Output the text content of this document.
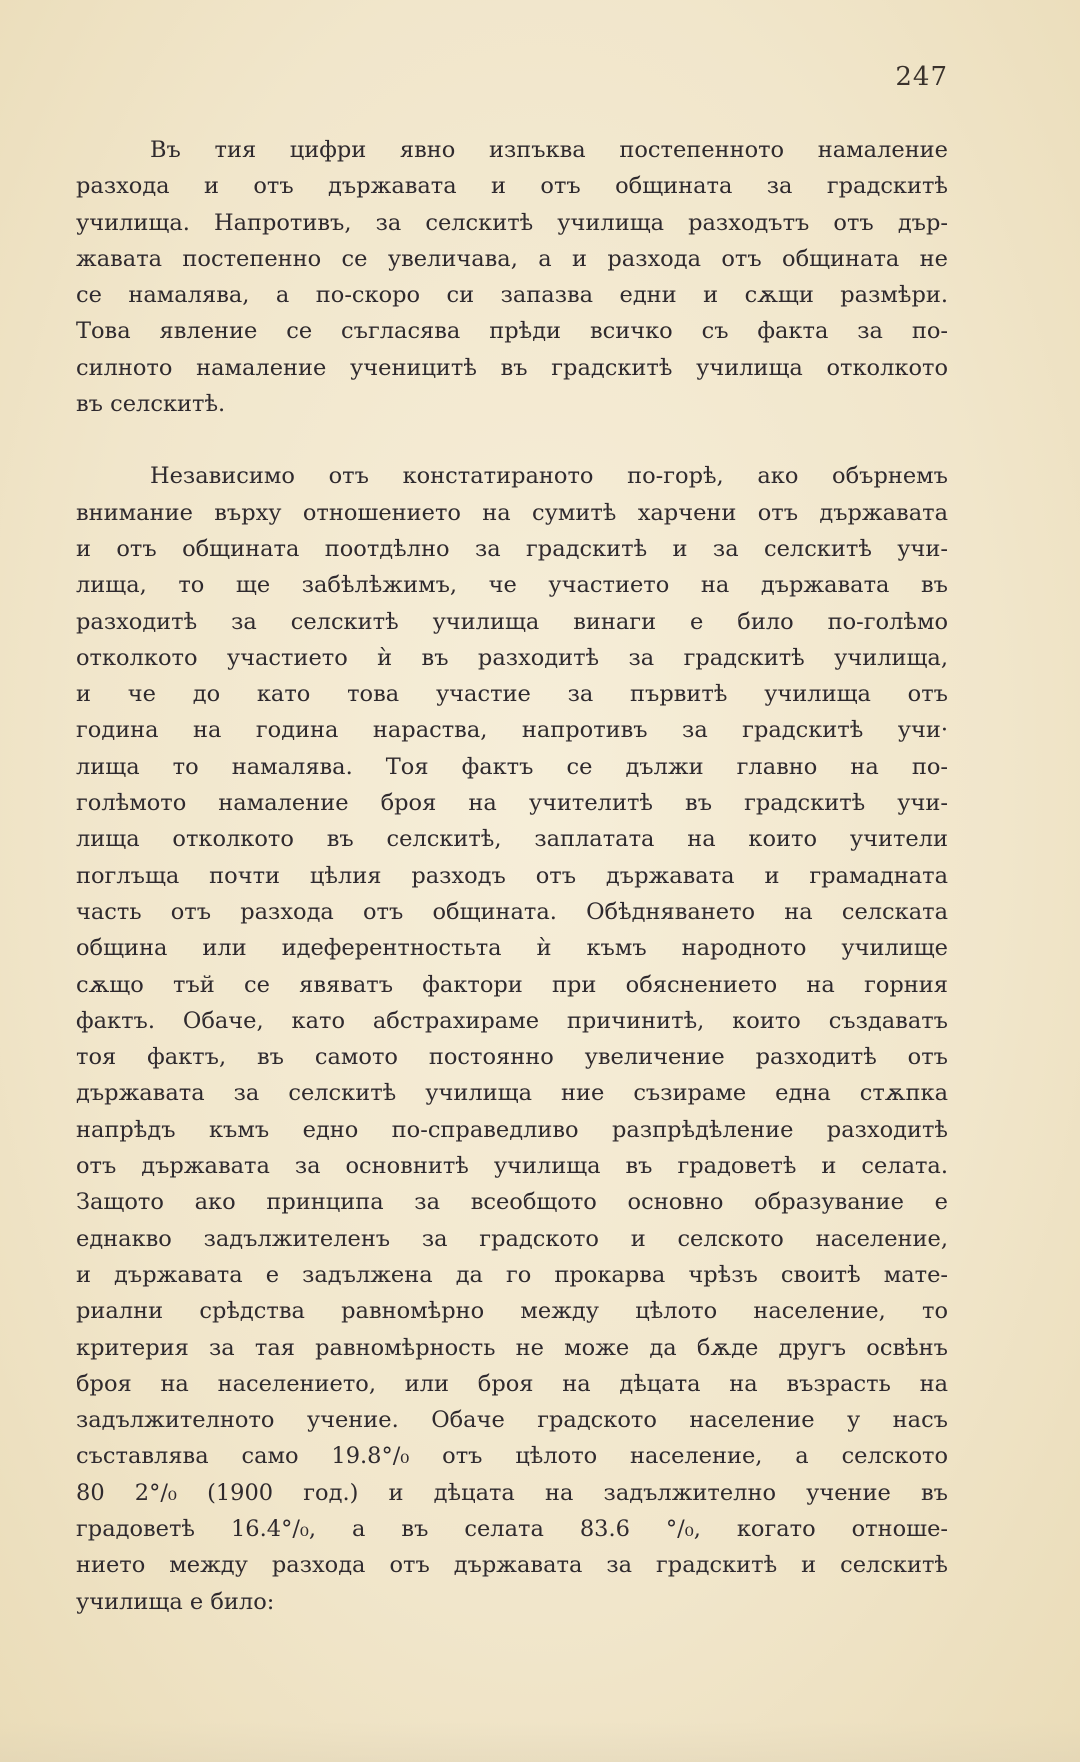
247

Въ тия цифри явно изпъква постепенното намаление
разхода и отъ държавата и отъ общината за градскитѣ
училища. Напротивъ, за селскитѣ училища разходътъ отъ дър-
жавата постепенно се увеличава, а и разхода отъ общината не
се намалява, а по-скоро си запазва едни и сѫщи размѣри.
Това явление се съгласява прѣди всичко съ факта за по-
силното намаление ученицитѣ въ градскитѣ училища отколкото
въ селскитѣ.

Независимо отъ констатираното по-горѣ, ако обърнемъ
внимание върху отношението на сумитѣ харчени отъ държавата
и отъ общината поотдѣлно за градскитѣ и за селскитѣ учи-
лища, то ще забѣлѣжимъ, че участието на държавата въ
разходитѣ за селскитѣ училища винаги е било по-голѣмо
отколкото участието ѝ въ разходитѣ за градскитѣ училища,
и че до като това участие за първитѣ училища отъ
година на година нараства, напротивъ за градскитѣ учи·
лища то намалява. Тоя фактъ се дължи главно на по-
голѣмото намаление броя на учителитѣ въ градскитѣ учи-
лища отколкото въ селскитѣ, заплатата на които учители
поглъща почти цѣлия разходъ отъ държавата и грамадната
часть отъ разхода отъ общината. Обѣдняването на селската
община или идеферентностьта ѝ къмъ народното училище
сѫщо тъй се явяватъ фактори при обяснението на горния
фактъ. Обаче, като абстрахираме причинитѣ, които създаватъ
тоя фактъ, въ самото постоянно увеличение разходитѣ отъ
държавата за селскитѣ училища ние съзираме една стѫпка
напрѣдъ къмъ едно по-справедливо разпрѣдѣление разходитѣ
отъ държавата за основнитѣ училища въ градоветѣ и селата.
Защото ако принципа за всеобщото основно образувание е
еднакво задължителенъ за градското и селското население,
и държавата е задължена да го прокарва чрѣзъ своитѣ мате-
риални срѣдства равномѣрно между цѣлото население, то
критерия за тая равномѣрность не може да бѫде другъ освѣнъ
броя на населението, или броя на дѣцата на възрасть на
задължителното учение. Обаче градското население у насъ
съставлява само 19.8°/₀ отъ цѣлото население, а селското
80 2°/₀ (1900 год.) и дѣцата на задължително учение въ
градоветѣ 16.4°/₀, а въ селата 83.6 °/₀, когато отноше-
нието между разхода отъ държавата за градскитѣ и селскитѣ
училища е било:
